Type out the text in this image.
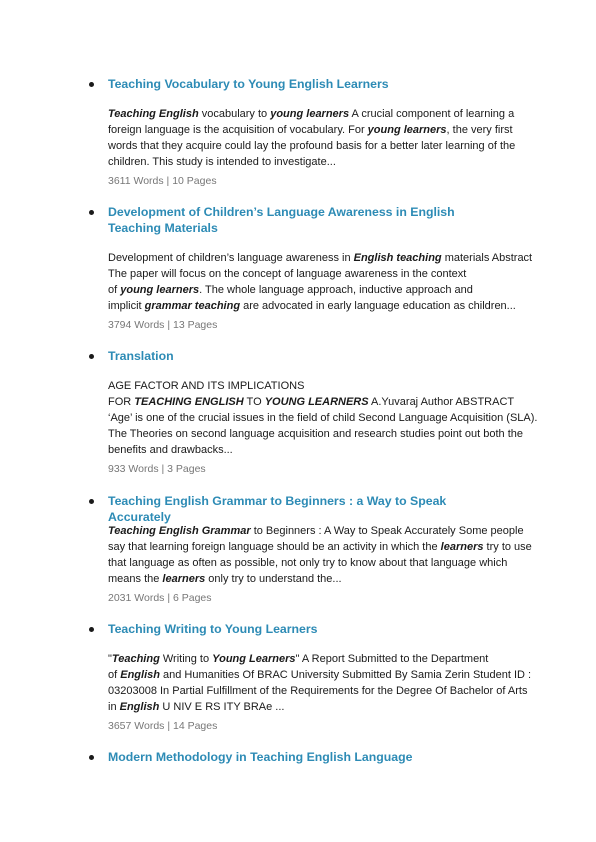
Teaching Vocabulary to Young English Learners
Teaching English vocabulary to young learners A crucial component of learning a
foreign language is the acquisition of vocabulary. For young learners, the very first
words that they acquire could lay the profound basis for a better later learning of the
children. This study is intended to investigate...
3611 Words | 10 Pages
Development of Children’s Language Awareness in English Teaching Materials
Development of children’s language awareness in English teaching materials Abstract
The paper will focus on the concept of language awareness in the context
of young learners. The whole language approach, inductive approach and
implicit grammar teaching are advocated in early language education as children...
3794 Words | 13 Pages
Translation
AGE FACTOR AND ITS IMPLICATIONS
FOR TEACHING ENGLISH TO YOUNG LEARNERS A.Yuvaraj Author ABSTRACT
‘Age’ is one of the crucial issues in the field of child Second Language Acquisition (SLA).
The Theories on second language acquisition and research studies point out both the
benefits and drawbacks...
933 Words | 3 Pages
Teaching English Grammar to Beginners : a Way to Speak Accurately
Teaching English Grammar to Beginners : A Way to Speak Accurately Some people
say that learning foreign language should be an activity in which the learners try to use
that language as often as possible, not only try to know about that language which
means the learners only try to understand the...
2031 Words | 6 Pages
Teaching Writing to Young Learners
"Teaching Writing to Young Learners" A Report Submitted to the Department
of English and Humanities Of BRAC University Submitted By Samia Zerin Student ID :
03203008 In Partial Fulfillment of the Requirements for the Degree Of Bachelor of Arts
in English U NIV E RS ITY BRAe ...
3657 Words | 14 Pages
Modern Methodology in Teaching English Language
